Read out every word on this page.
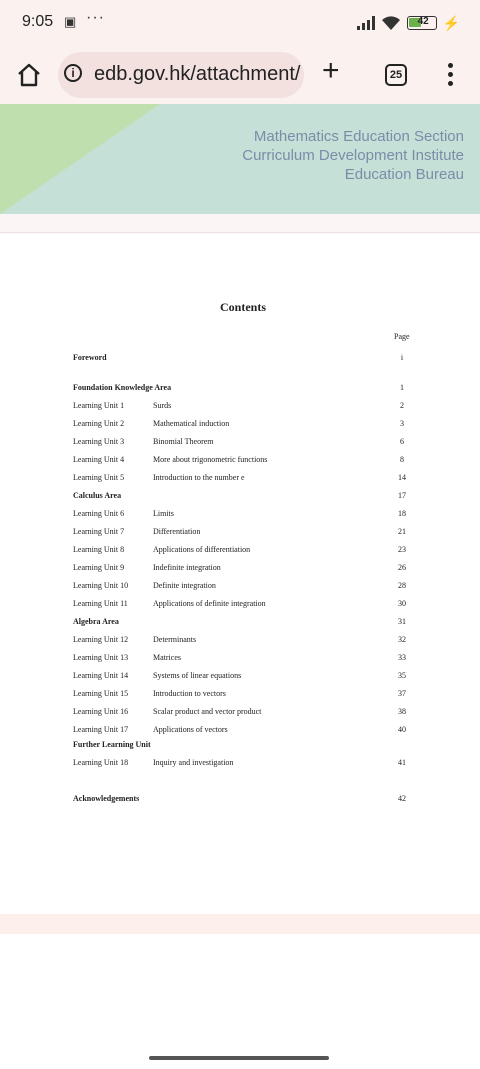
9:05 ▣ ···	42 ⚡
i edb.gov.hk/attachment/ +	25
Mathematics Education Section
Curriculum Development Institute
Education Bureau
Contents
Page
Foreword	i
Foundation Knowledge Area	1
Learning Unit 1	Surds	2
Learning Unit 2	Mathematical induction	3
Learning Unit 3	Binomial Theorem	6
Learning Unit 4	More about trigonometric functions	8
Learning Unit 5	Introduction to the number e	14
Calculus Area	17
Learning Unit 6	Limits	18
Learning Unit 7	Differentiation	21
Learning Unit 8	Applications of differentiation	23
Learning Unit 9	Indefinite integration	26
Learning Unit 10	Definite integration	28
Learning Unit 11	Applications of definite integration	30
Algebra Area	31
Learning Unit 12	Determinants	32
Learning Unit 13	Matrices	33
Learning Unit 14	Systems of linear equations	35
Learning Unit 15	Introduction to vectors	37
Learning Unit 16	Scalar product and vector product	38
Learning Unit 17	Applications of vectors	40
Further Learning Unit
Learning Unit 18	Inquiry and investigation	41
Acknowledgements	42
